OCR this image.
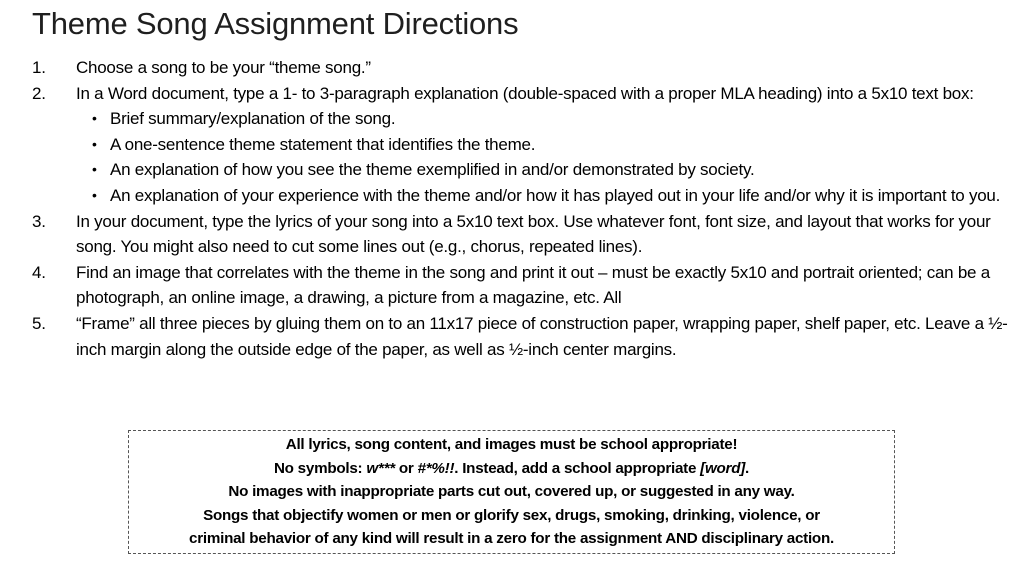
Theme Song Assignment Directions
1. Choose a song to be your “theme song.”
2. In a Word document, type a 1- to 3-paragraph explanation (double-spaced with a proper MLA heading) into a 5x10 text box:
• Brief summary/explanation of the song.
• A one-sentence theme statement that identifies the theme.
• An explanation of how you see the theme exemplified in and/or demonstrated by society.
• An explanation of your experience with the theme and/or how it has played out in your life and/or why it is important to you.
3. In your document, type the lyrics of your song into a 5x10 text box. Use whatever font, font size, and layout that works for your song. You might also need to cut some lines out (e.g., chorus, repeated lines).
4. Find an image that correlates with the theme in the song and print it out – must be exactly 5x10 and portrait oriented; can be a photograph, an online image, a drawing, a picture from a magazine, etc. All
5. “Frame” all three pieces by gluing them on to an 11x17 piece of construction paper, wrapping paper, shelf paper, etc. Leave a ½-inch margin along the outside edge of the paper, as well as ½-inch center margins.
All lyrics, song content, and images must be school appropriate!
No symbols: w*** or #*%!!. Instead, add a school appropriate [word].
No images with inappropriate parts cut out, covered up, or suggested in any way.
Songs that objectify women or men or glorify sex, drugs, smoking, drinking, violence, or
criminal behavior of any kind will result in a zero for the assignment AND disciplinary action.
